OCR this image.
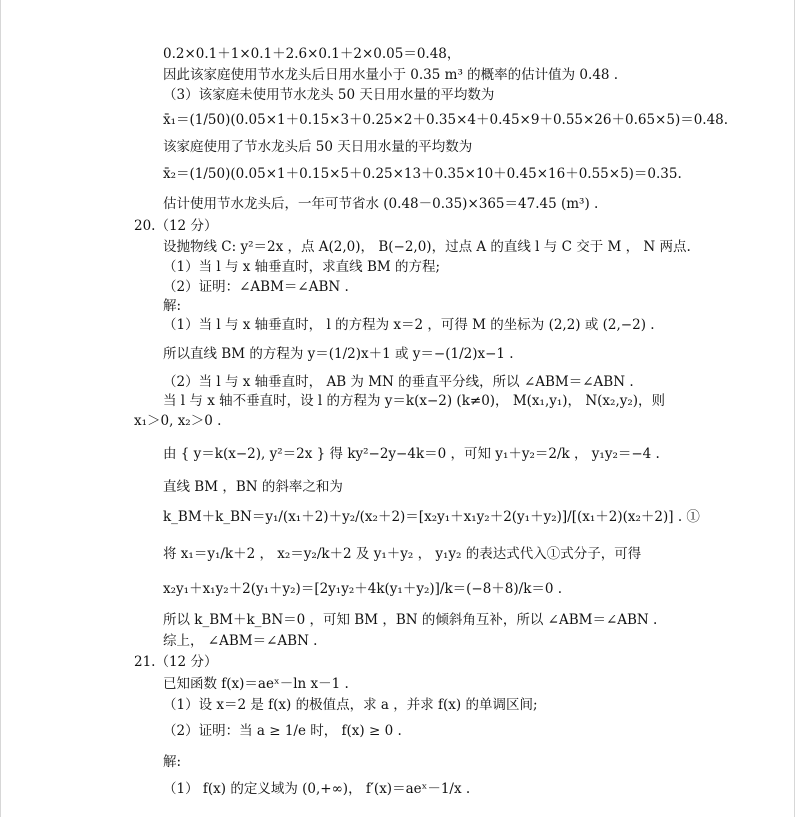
0.2×0.1＋1×0.1＋2.6×0.1＋2×0.05＝0.48，
因此该家庭使用节水龙头后日用水量小于 0.35 m³ 的概率的估计值为 0.48 .
（3）该家庭未使用节水龙头 50 天日用水量的平均数为
x̄₁＝(1/50)(0.05×1＋0.15×3＋0.25×2＋0.35×4＋0.45×9＋0.55×26＋0.65×5)＝0.48.
该家庭使用了节水龙头后 50 天日用水量的平均数为
x̄₂＝(1/50)(0.05×1＋0.15×5＋0.25×13＋0.35×10＋0.45×16＋0.55×5)＝0.35.
估计使用节水龙头后，一年可节省水 (0.48－0.35)×365＝47.45 (m³) .
20.（12 分）
设抛物线 C: y²＝2x ，点 A(2,0)， B(−2,0)，过点 A 的直线 l 与 C 交于 M ， N 两点.
（1）当 l 与 x 轴垂直时，求直线 BM 的方程;
（2）证明：∠ABM＝∠ABN .
解:
（1）当 l 与 x 轴垂直时， l 的方程为 x＝2 ，可得 M 的坐标为 (2,2) 或 (2,−2) .
所以直线 BM 的方程为 y＝(1/2)x＋1 或 y＝−(1/2)x−1 .
（2）当 l 与 x 轴垂直时， AB 为 MN 的垂直平分线，所以 ∠ABM＝∠ABN .
当 l 与 x 轴不垂直时，设 l 的方程为 y＝k(x−2) (k≠0)， M(x₁,y₁)， N(x₂,y₂)，则
x₁＞0, x₂＞0 .
由 { y＝k(x−2), y²＝2x } 得 ky²−2y−4k＝0 ，可知 y₁＋y₂＝2/k ， y₁y₂＝−4 .
直线 BM ，BN 的斜率之和为
k_BM＋k_BN＝y₁/(x₁＋2)＋y₂/(x₂＋2)＝[x₂y₁＋x₁y₂＋2(y₁＋y₂)]/[(x₁＋2)(x₂＋2)] . ①
将 x₁＝y₁/k＋2 ， x₂＝y₂/k＋2 及 y₁＋y₂ ， y₁y₂ 的表达式代入①式分子，可得
x₂y₁＋x₁y₂＋2(y₁＋y₂)＝[2y₁y₂＋4k(y₁＋y₂)]/k＝(−8＋8)/k＝0 .
所以 k_BM＋k_BN＝0 ，可知 BM ，BN 的倾斜角互补，所以 ∠ABM＝∠ABN .
综上， ∠ABM＝∠ABN .
21.（12 分）
已知函数 f(x)＝aeˣ－ln x－1 .
（1）设 x＝2 是 f(x) 的极值点，求 a ，并求 f(x) 的单调区间;
（2）证明：当 a ≥ 1/e 时， f(x) ≥ 0 .
解:
（1） f(x) 的定义域为 (0,+∞)， f′(x)＝aeˣ－1/x .
